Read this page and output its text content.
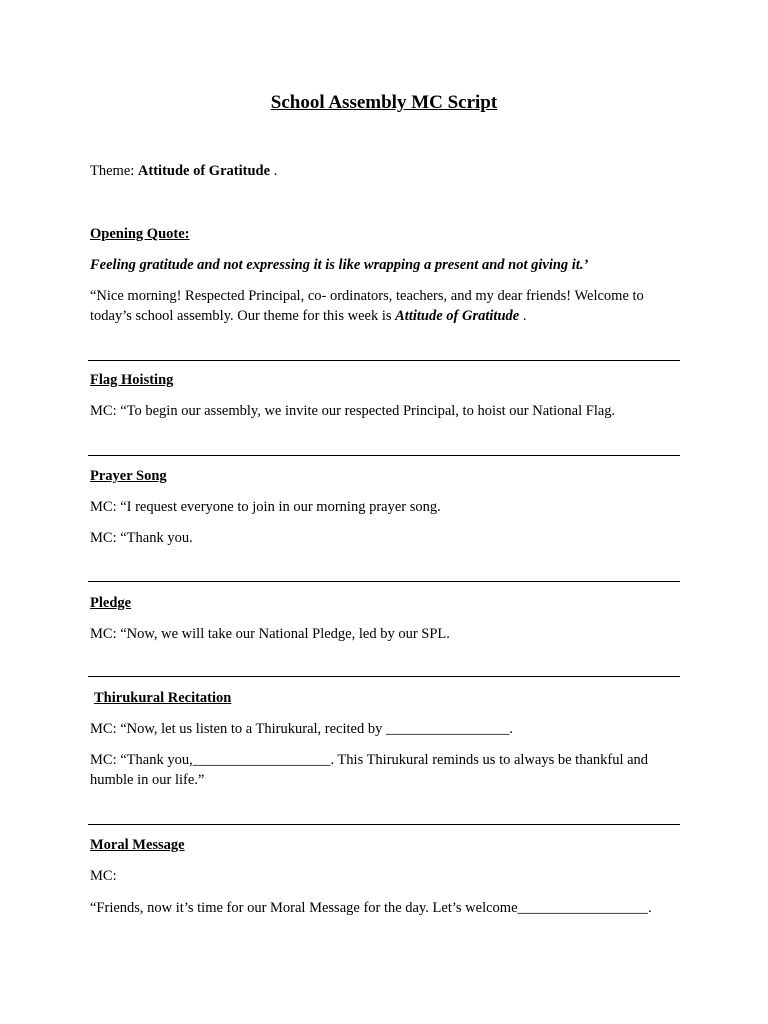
School Assembly MC Script
Theme: Attitude of Gratitude .
Opening Quote:
Feeling gratitude and not expressing it is like wrapping a present and not giving it.’
“Nice morning! Respected Principal, co- ordinators, teachers, and my dear friends! Welcome to today’s school assembly. Our theme for this week is Attitude of Gratitude .
Flag Hoisting
MC: “To begin our assembly, we invite our respected Principal, to hoist our National Flag.
Prayer Song
MC: “I request everyone to join in our morning prayer song.
MC: “Thank you.
Pledge
MC: “Now, we will take our National Pledge, led by our SPL.
Thirukural Recitation
MC: “Now, let us listen to a Thirukural, recited by _________________.
MC: “Thank you,___________________. This Thirukural reminds us to always be thankful and humble in our life.”
Moral Message
MC:
“Friends, now it’s time for our Moral Message for the day. Let’s welcome__________________.
